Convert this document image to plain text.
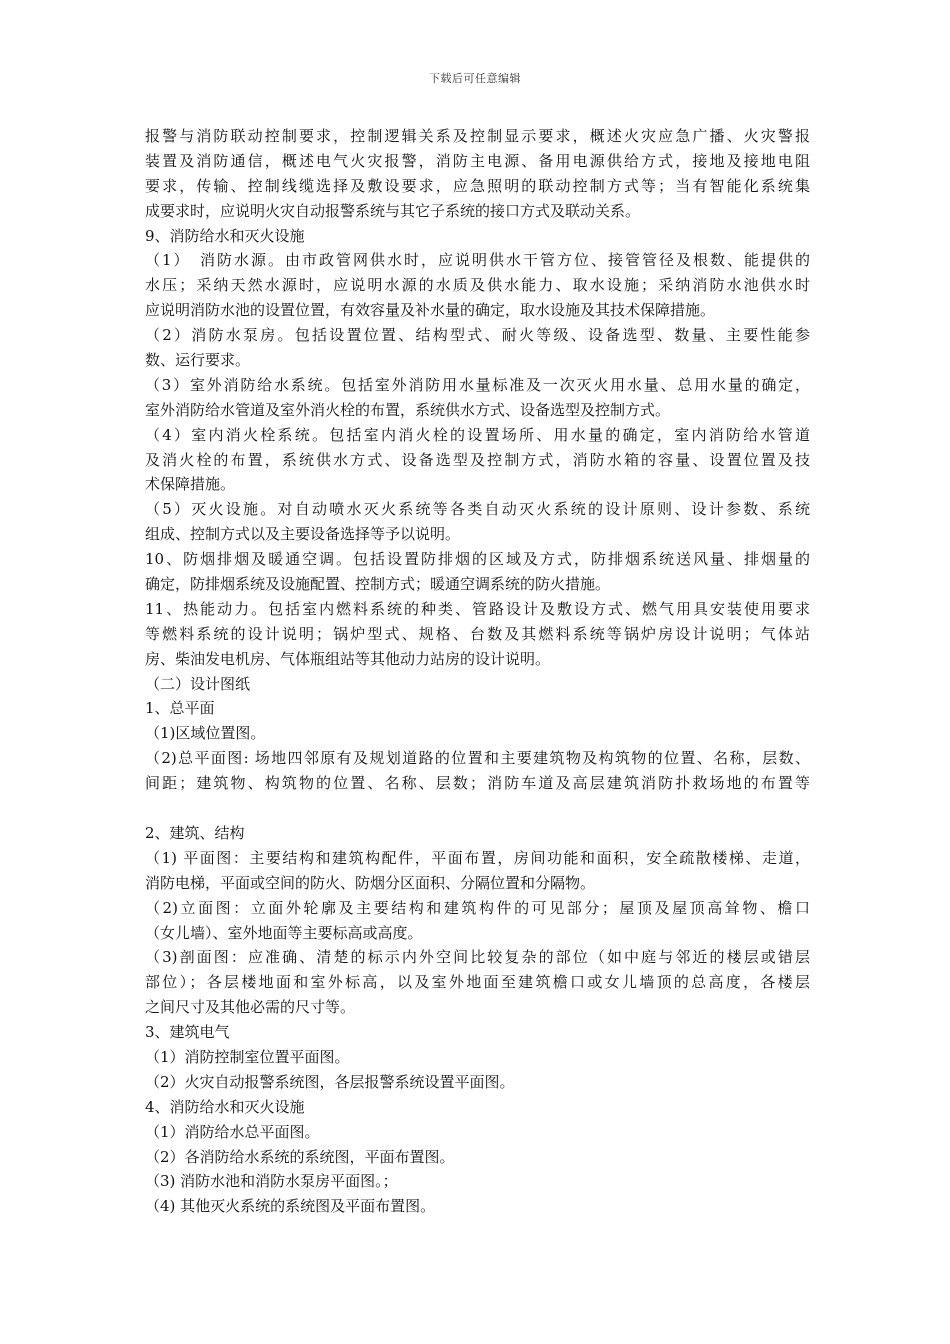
下载后可任意编辑
报警与消防联动控制要求，控制逻辑关系及控制显示要求，概述火灾应急广播、火灾警报
装置及消防通信，概述电气火灾报警，消防主电源、备用电源供给方式，接地及接地电阻
要求，传输、控制线缆选择及敷设要求，应急照明的联动控制方式等；当有智能化系统集
成要求时，应说明火灾自动报警系统与其它子系统的接口方式及联动关系。
9、消防给水和灭火设施
（1）　消防水源。由市政管网供水时，应说明供水干管方位、接管管径及根数、能提供的
水压；采纳天然水源时，应说明水源的水质及供水能力、取水设施；采纳消防水池供水时
应说明消防水池的设置位置，有效容量及补水量的确定，取水设施及其技术保障措施。
（2）消防水泵房。包括设置位置、结构型式、耐火等级、设备选型、数量、主要性能参
数、运行要求。
（3）室外消防给水系统。包括室外消防用水量标准及一次灭火用水量、总用水量的确定，
室外消防给水管道及室外消火栓的布置，系统供水方式、设备选型及控制方式。
（4）室内消火栓系统。包括室内消火栓的设置场所、用水量的确定，室内消防给水管道
及消火栓的布置，系统供水方式、设备选型及控制方式，消防水箱的容量、设置位置及技
术保障措施。
（5）灭火设施。对自动喷水灭火系统等各类自动灭火系统的设计原则、设计参数、系统
组成、控制方式以及主要设备选择等予以说明。
10、防烟排烟及暖通空调。包括设置防排烟的区域及方式，防排烟系统送风量、排烟量的
确定，防排烟系统及设施配置、控制方式；暖通空调系统的防火措施。
11、热能动力。包括室内燃料系统的种类、管路设计及敷设方式、燃气用具安装使用要求
等燃料系统的设计说明；锅炉型式、规格、台数及其燃料系统等锅炉房设计说明；气体站
房、柴油发电机房、气体瓶组站等其他动力站房的设计说明。
（二）设计图纸
1、总平面
（1)区域位置图。
（2)总平面图: 场地四邻原有及规划道路的位置和主要建筑物及构筑物的位置、名称，层数、
间距；建筑物、构筑物的位置、名称、层数；消防车道及高层建筑消防扑救场地的布置等
2、建筑、结构
（1) 平面图：主要结构和建筑构配件，平面布置，房间功能和面积，安全疏散楼梯、走道，
消防电梯，平面或空间的防火、防烟分区面积、分隔位置和分隔物。
（2)立面图：立面外轮廓及主要结构和建筑构件的可见部分；屋顶及屋顶高耸物、檐口
（女儿墙）、室外地面等主要标高或高度。
（3)剖面图：应准确、清楚的标示内外空间比较复杂的部位（如中庭与邻近的楼层或错层
部位）；各层楼地面和室外标高，以及室外地面至建筑檐口或女儿墙顶的总高度，各楼层
之间尺寸及其他必需的尺寸等。
3、建筑电气
（1）消防控制室位置平面图。
（2）火灾自动报警系统图，各层报警系统设置平面图。
4、消防给水和灭火设施
（1）消防给水总平面图。
（2）各消防给水系统的系统图，平面布置图。
（3) 消防水池和消防水泵房平面图。；
（4) 其他灭火系统的系统图及平面布置图。
